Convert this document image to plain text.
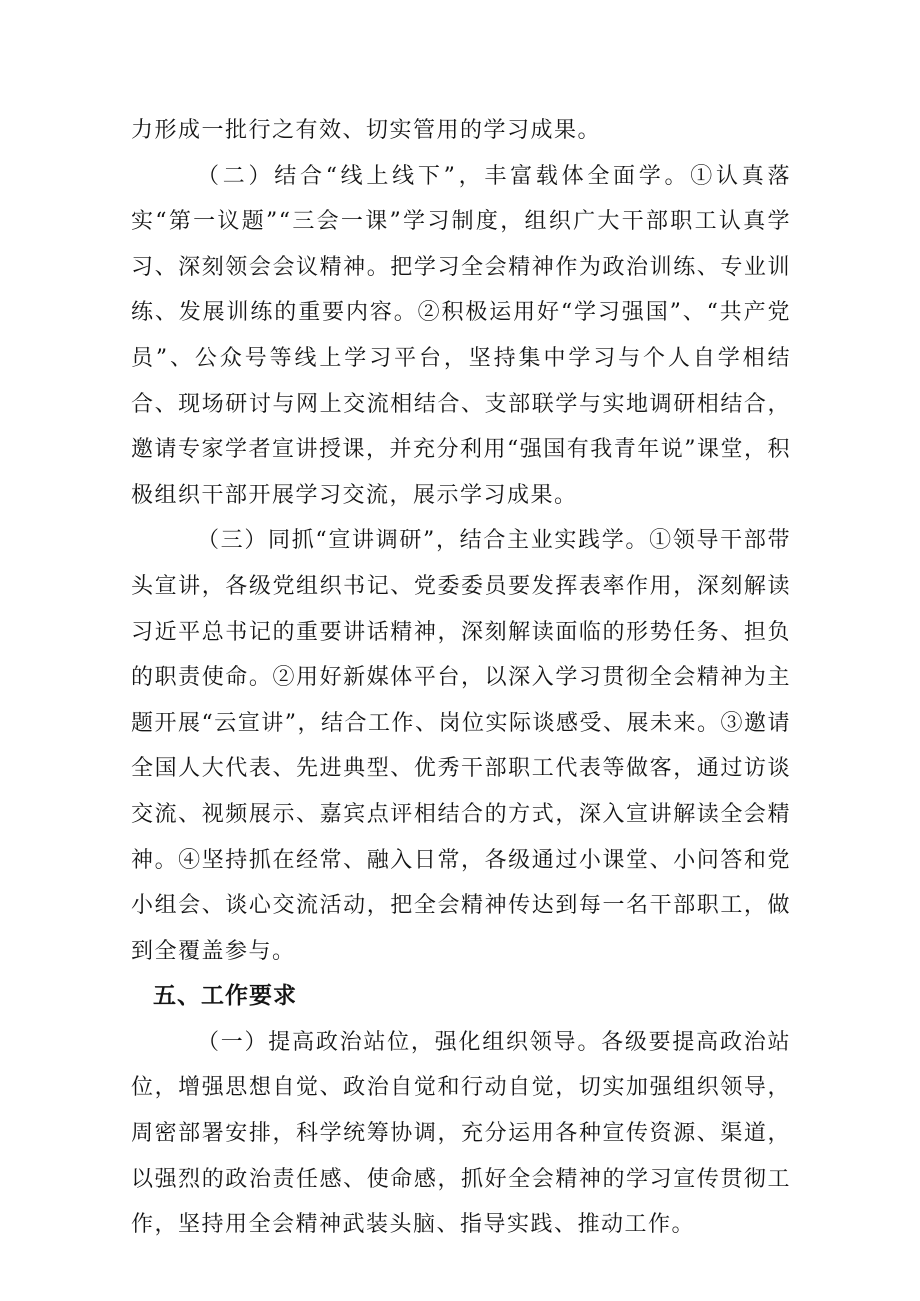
力形成一批行之有效、切实管用的学习成果。

（二）结合“线上线下”，丰富载体全面学。①认真落实“第一议题”“三会一课”学习制度，组织广大干部职工认真学习、深刻领会会议精神。把学习全会精神作为政治训练、专业训练、发展训练的重要内容。②积极运用好“学习强国”、“共产党员”、公众号等线上学习平台，坚持集中学习与个人自学相结合、现场研讨与网上交流相结合、支部联学与实地调研相结合，邀请专家学者宣讲授课，并充分利用“强国有我青年说”课堂，积极组织干部开展学习交流，展示学习成果。

（三）同抓“宣讲调研”，结合主业实践学。①领导干部带头宣讲，各级党组织书记、党委委员要发挥表率作用，深刻解读习近平总书记的重要讲话精神，深刻解读面临的形势任务、担负的职责使命。②用好新媒体平台，以深入学习贯彻全会精神为主题开展“云宣讲”，结合工作、岗位实际谈感受、展未来。③邀请全国人大代表、先进典型、优秀干部职工代表等做客，通过访谈交流、视频展示、嘉宾点评相结合的方式，深入宣讲解读全会精神。④坚持抓在经常、融入日常，各级通过小课堂、小问答和党小组会、谈心交流活动，把全会精神传达到每一名干部职工，做到全覆盖参与。

五、工作要求

（一）提高政治站位，强化组织领导。各级要提高政治站位，增强思想自觉、政治自觉和行动自觉，切实加强组织领导，周密部署安排，科学统筹协调，充分运用各种宣传资源、渠道，以强烈的政治责任感、使命感，抓好全会精神的学习宣传贯彻工作，坚持用全会精神武装头脑、指导实践、推动工作。
